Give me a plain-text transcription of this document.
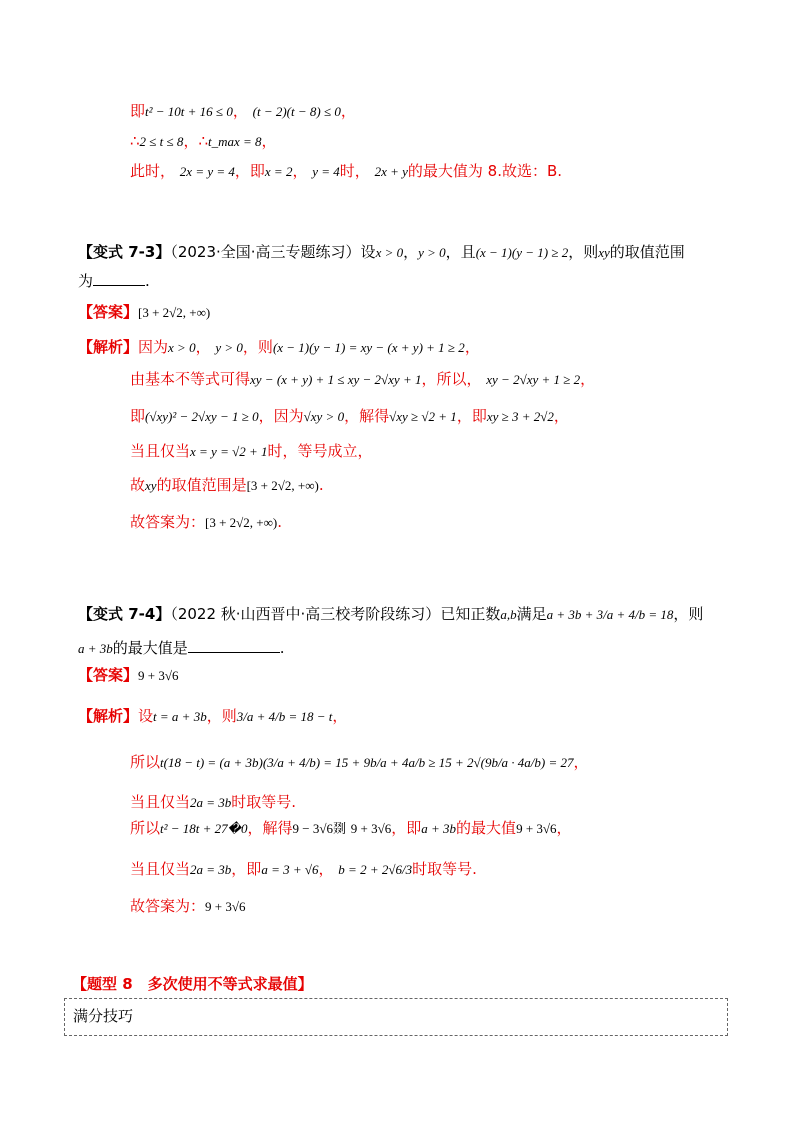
即t² − 10t + 16 ≤ 0， (t − 2)(t − 8) ≤ 0，
∴2 ≤ t ≤ 8，∴t_max = 8，
此时， 2x = y = 4，即x = 2， y = 4时， 2x + y的最大值为 8.故选：B.
【变式 7-3】（2023·全国·高三专题练习）设x > 0，y > 0，且(x − 1)(y − 1) ≥ 2，则xy的取值范围
为	.
【答案】[3 + 2√2, +∞)
【解析】因为x > 0， y > 0，则(x − 1)(y − 1) = xy − (x + y) + 1 ≥ 2，
由基本不等式可得xy − (x + y) + 1 ≤ xy − 2√xy + 1，所以， xy − 2√xy + 1 ≥ 2，
即(√xy)² − 2√xy − 1 ≥ 0，因为√xy > 0，解得√xy ≥ √2 + 1，即xy ≥ 3 + 2√2，
当且仅当x = y = √2 + 1时，等号成立，
故xy的取值范围是[3 + 2√2, +∞).
故答案为：[3 + 2√2, +∞).
【变式 7-4】（2022 秋·山西晋中·高三校考阶段练习）已知正数a,b满足a + 3b + 3/a + 4/b = 18，则
a + 3b的最大值是	.
【答案】9 + 3√6
【解析】设t = a + 3b，则3/a + 4/b = 18 − t，
所以t(18 − t) = (a + 3b)(3/a + 4/b) = 15 + 9b/a + 4a/b ≥ 15 + 2√(9b/a · 4a/b) = 27，
当且仅当2a = 3b时取等号.
所以t² − 18t + 27�0，解得9 − 3√6剟 9 + 3√6，即a + 3b的最大值9 + 3√6，
当且仅当2a = 3b，即a = 3 + √6， b = 2 + 2√6/3时取等号.
故答案为：9 + 3√6
【题型 8　多次使用不等式求最值】
满分技巧
